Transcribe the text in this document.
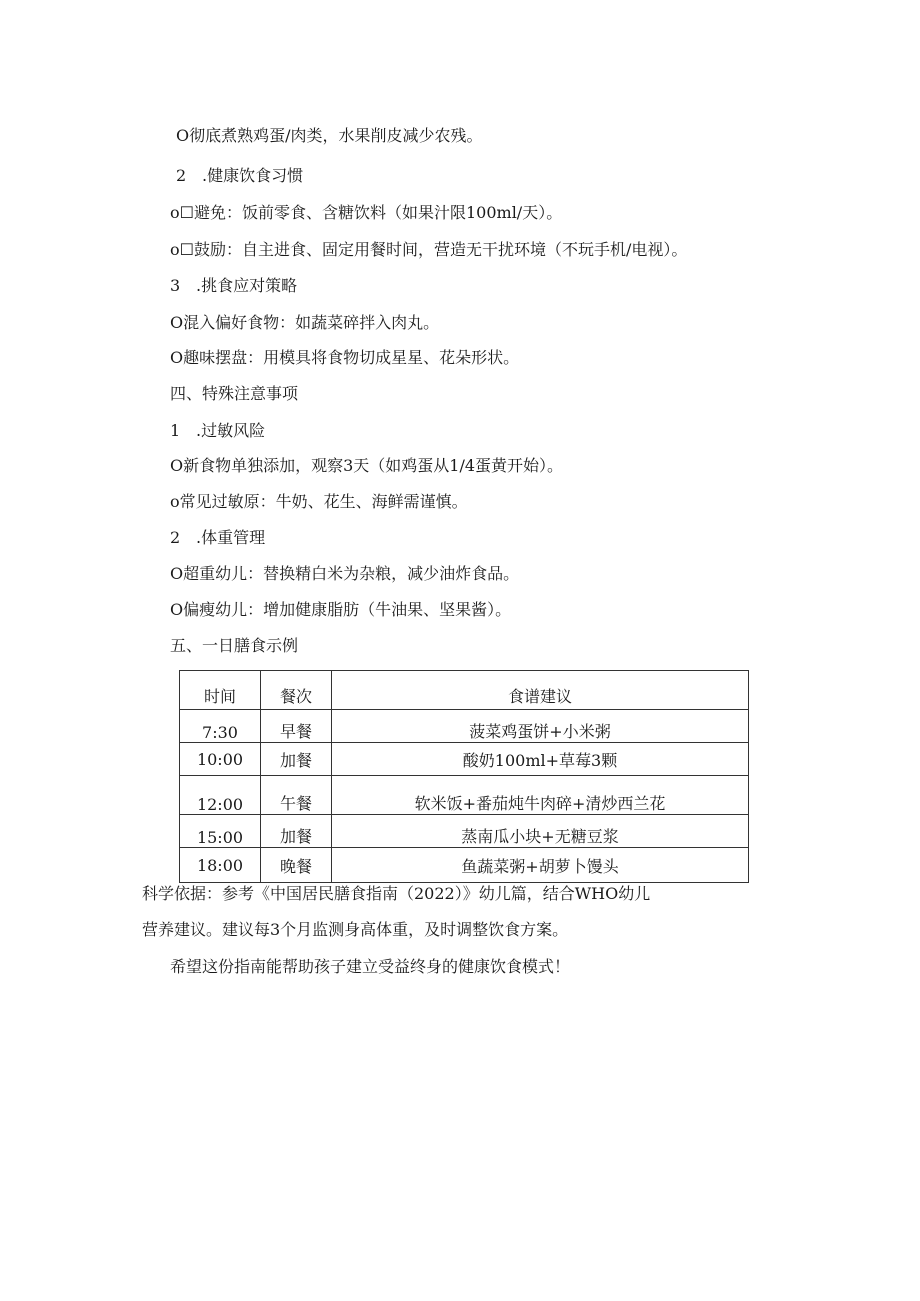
O彻底煮熟鸡蛋/肉类，水果削皮减少农残。
2 .健康饮食习惯
o☐避免：饭前零食、含糖饮料（如果汁限100ml/天）。
o☐鼓励：自主进食、固定用餐时间，营造无干扰环境（不玩手机/电视）。
3 .挑食应对策略
O混入偏好食物：如蔬菜碎拌入肉丸。
O趣味摆盘：用模具将食物切成星星、花朵形状。
四、特殊注意事项
1 .过敏风险
O新食物单独添加，观察3天（如鸡蛋从1/4蛋黄开始）。
o常见过敏原：牛奶、花生、海鲜需谨慎。
2 .体重管理
O超重幼儿：替换精白米为杂粮，减少油炸食品。
O偏瘦幼儿：增加健康脂肪（牛油果、坚果酱）。
五、一日膳食示例
时间	餐次	食谱建议
7:30	早餐	菠菜鸡蛋饼+小米粥
10:00	加餐	酸奶100ml+草莓3颗
12:00	午餐	软米饭+番茄炖牛肉碎+清炒西兰花
15:00	加餐	蒸南瓜小块+无糖豆浆
18:00	晚餐	鱼蔬菜粥+胡萝卜馒头
科学依据：参考《中国居民膳食指南（2022）》幼儿篇，结合WHO幼儿
营养建议。建议每3个月监测身高体重，及时调整饮食方案。
希望这份指南能帮助孩子建立受益终身的健康饮食模式！
